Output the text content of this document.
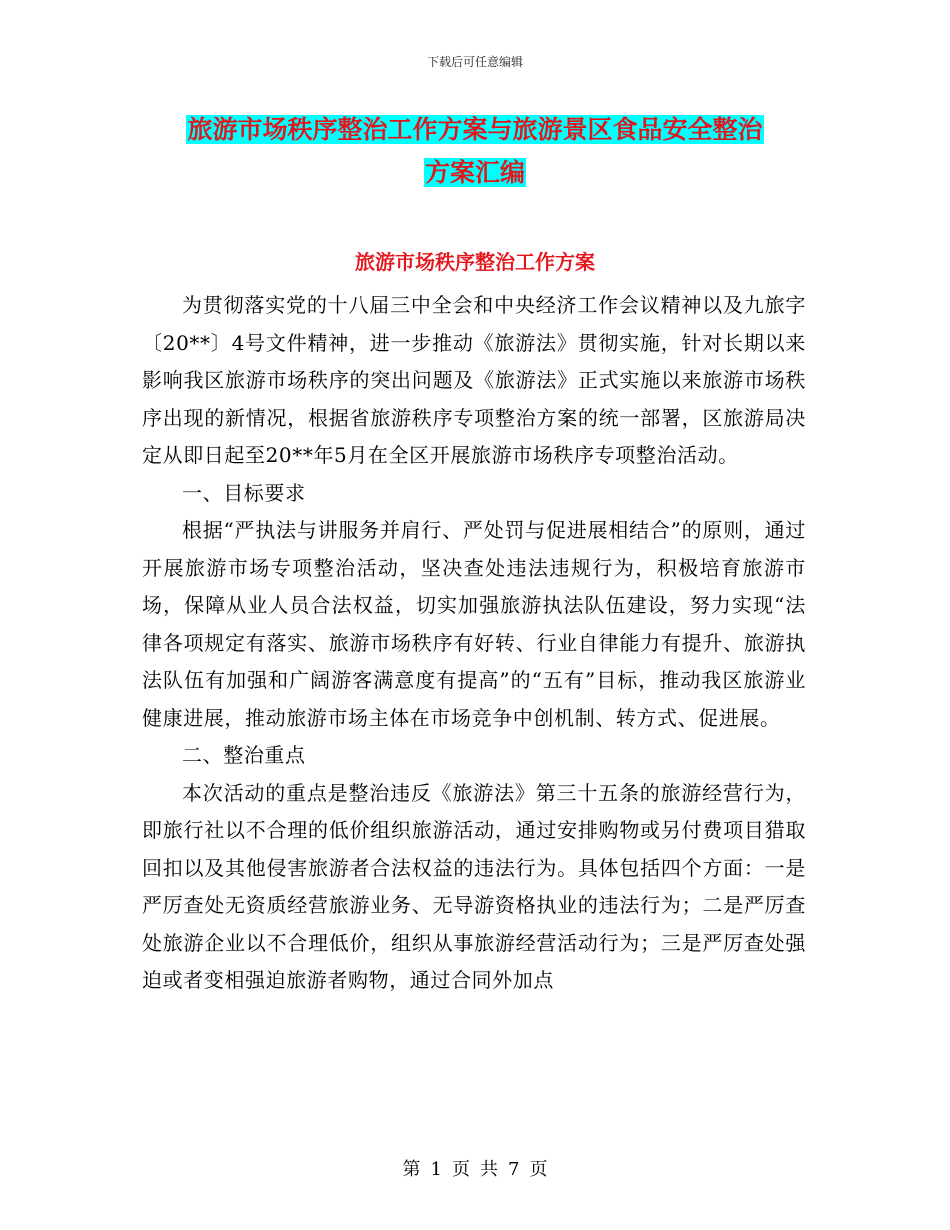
下载后可任意编辑
旅游市场秩序整治工作方案与旅游景区食品安全整治
方案汇编
旅游市场秩序整治工作方案

为贯彻落实党的十八届三中全会和中央经济工作会议精神以及九旅字〔20**〕4号文件精神，进一步推动《旅游法》贯彻实施，针对长期以来影响我区旅游市场秩序的突出问题及《旅游法》正式实施以来旅游市场秩序出现的新情况，根据省旅游秩序专项整治方案的统一部署，区旅游局决定从即日起至20**年5月在全区开展旅游市场秩序专项整治活动。

一、目标要求

根据“严执法与讲服务并肩行、严处罚与促进展相结合”的原则，通过开展旅游市场专项整治活动，坚决查处违法违规行为，积极培育旅游市场，保障从业人员合法权益，切实加强旅游执法队伍建设，努力实现“法律各项规定有落实、旅游市场秩序有好转、行业自律能力有提升、旅游执法队伍有加强和广阔游客满意度有提高”的“五有”目标，推动我区旅游业健康进展，推动旅游市场主体在市场竞争中创机制、转方式、促进展。

二、整治重点

本次活动的重点是整治违反《旅游法》第三十五条的旅游经营行为，即旅行社以不合理的低价组织旅游活动，通过安排购物或另付费项目猎取回扣以及其他侵害旅游者合法权益的违法行为。具体包括四个方面：一是严厉查处无资质经营旅游业务、无导游资格执业的违法行为；二是严厉查处旅游企业以不合理低价，组织从事旅游经营活动行为；三是严厉查处强迫或者变相强迫旅游者购物，通过合同外加点

第 1 页 共 7 页
